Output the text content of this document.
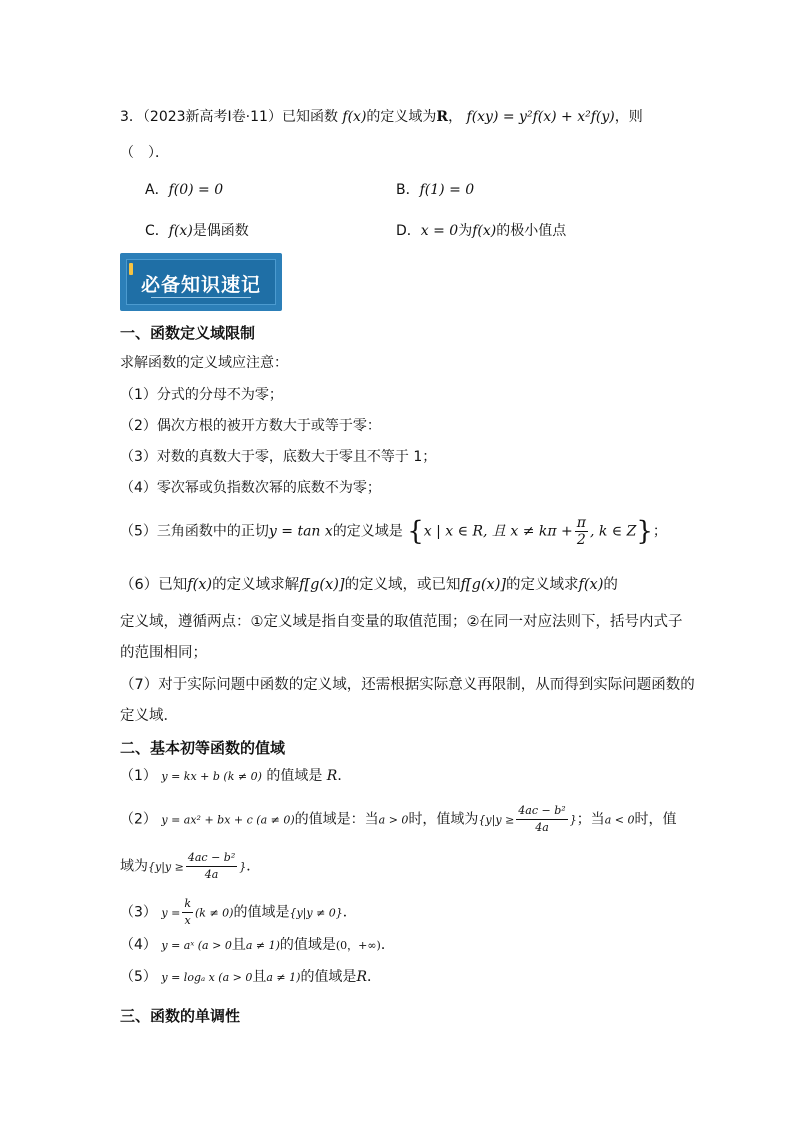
3．（2023新高考Ⅰ卷·11）已知函数 f(x)的定义域为R， f(xy) = y²f(x) + x²f(y)，则
（　）．
A．f(0) = 0	B．f(1) = 0
C．f(x)是偶函数	D．x = 0为f(x)的极小值点
必备知识速记
一、函数定义域限制
求解函数的定义域应注意：
（1）分式的分母不为零；
（2）偶次方根的被开方数大于或等于零：
（3）对数的真数大于零，底数大于零且不等于 1；
（4）零次幂或负指数次幂的底数不为零；
（5）三角函数中的正切y = tan x的定义域是 {x | x ∈ R, 且 $x \ne k\pi + \frac{\pi}{2}$ , k ∈ Z}；
（6）已知f(x)的定义域求解f[g(x)]的定义域，或已知f[g(x)]的定义域求f(x)的
定义域，遵循两点：①定义域是指自变量的取值范围；②在同一对应法则下，括号内式子
的范围相同；
（7）对于实际问题中函数的定义域，还需根据实际意义再限制，从而得到实际问题函数的
定义域．
二、基本初等函数的值域
（1） y = kx + b (k ≠ 0) 的值域是 R．
（2） y = ax² + bx + c (a ≠ 0)的值域是：当a > 0时，值域为{$y|y \ge \frac{\text{4ac − b²}}{4a}$ }；当a < 0时，值
域为{$y|y \ge \frac{\text{4ac − b²}}{4a}$ }．
（3） $y = \frac{k}{x} (k \ne 0)$的值域是{y|y ≠ 0}．
（4） y = aˣ (a > 0且a ≠ 1)的值域是(0，+∞)．
（5） y = logₐ x (a > 0且a ≠ 1)的值域是R．
三、函数的单调性
